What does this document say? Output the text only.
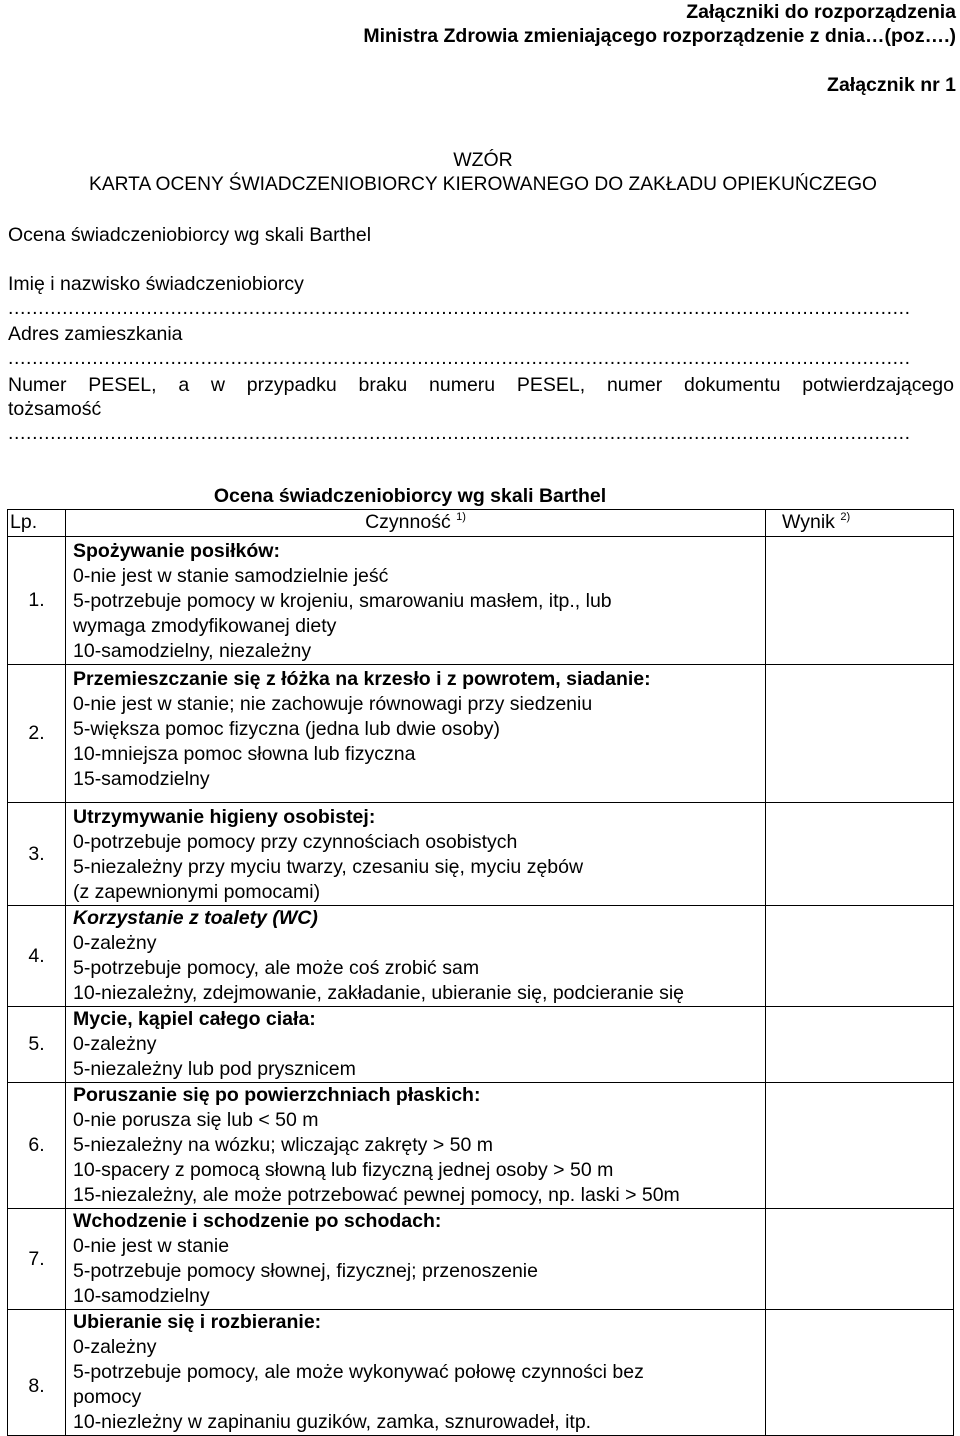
Załączniki do rozporządzenia
Ministra Zdrowia zmieniającego rozporządzenie z dnia…(poz….)
Załącznik nr 1
WZÓR
KARTA OCENY ŚWIADCZENIOBIORCY KIEROWANEGO DO ZAKŁADU OPIEKUŃCZEGO
Ocena świadczeniobiorcy wg skali Barthel
Imię i nazwisko świadczeniobiorcy
......................................................................................................................................................
Adres zamieszkania
......................................................................................................................................................
Numer PESEL, a w przypadku braku numeru PESEL, numer dokumentu potwierdzającego
tożsamość
......................................................................................................................................................
Ocena świadczeniobiorcy wg skali Barthel
Lp.	Czynność $^{1)}$	Wynik $^{2)}$
1.	Spożywanie posiłków:
0-nie jest w stanie samodzielnie jeść
5-potrzebuje pomocy w krojeniu, smarowaniu masłem, itp., lub
wymaga zmodyfikowanej diety
10-samodzielny, niezależny	

2.	Przemieszczanie się z łóżka na krzesło i z powrotem, siadanie:
0-nie jest w stanie; nie zachowuje równowagi przy siedzeniu
5-większa pomoc fizyczna (jedna lub dwie osoby)
10-mniejsza pomoc słowna lub fizyczna
15-samodzielny	

3.	Utrzymywanie higieny osobistej:
0-potrzebuje pomocy przy czynnościach osobistych
5-niezależny przy myciu twarzy, czesaniu się, myciu zębów
(z zapewnionymi pomocami)	

4.	Korzystanie z toalety (WC)
0-zależny
5-potrzebuje pomocy, ale może coś zrobić sam
10-niezależny, zdejmowanie, zakładanie, ubieranie się, podcieranie się	

5.	Mycie, kąpiel całego ciała:
0-zależny
5-niezależny lub pod prysznicem	

6.	Poruszanie się po powierzchniach płaskich:
0-nie porusza się lub < 50 m
5-niezależny na wózku; wliczając zakręty > 50 m
10-spacery z pomocą słowną lub fizyczną jednej osoby > 50 m
15-niezależny, ale może potrzebować pewnej pomocy, np. laski > 50m	

7.	Wchodzenie i schodzenie po schodach:
0-nie jest w stanie
5-potrzebuje pomocy słownej, fizycznej; przenoszenie
10-samodzielny	

8.	Ubieranie się i rozbieranie:
0-zależny
5-potrzebuje pomocy, ale może wykonywać połowę czynności bez
pomocy
10-niezleżny w zapinaniu guzików, zamka, sznurowadeł, itp.	
